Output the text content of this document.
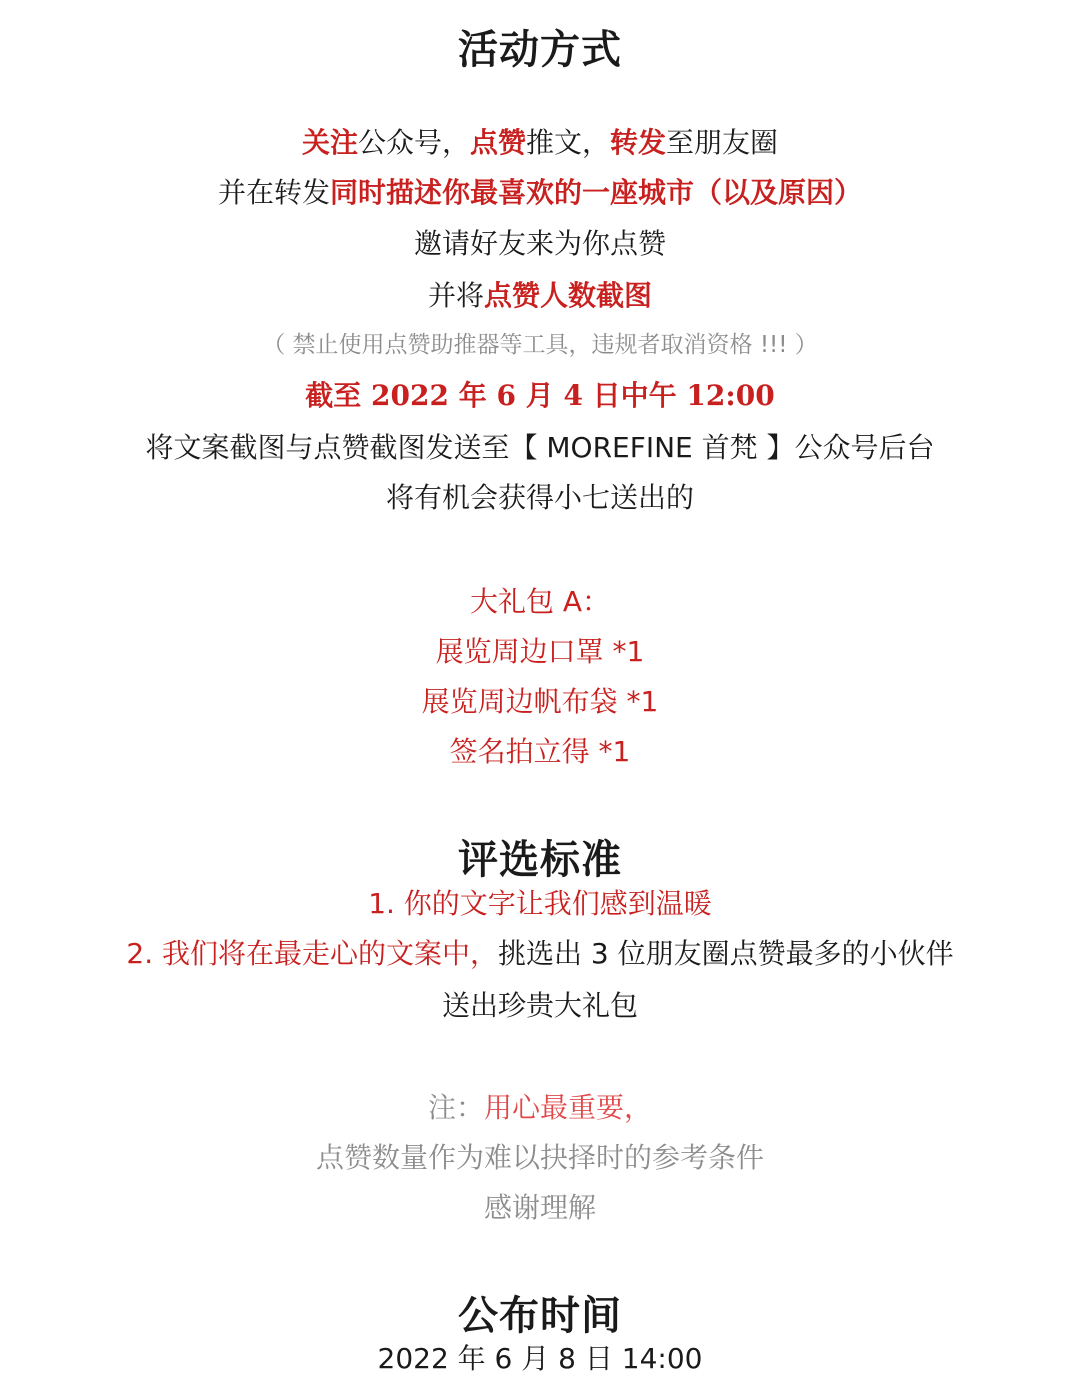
活动方式
关注公众号，点赞推文，转发至朋友圈
并在转发同时描述你最喜欢的一座城市（以及原因）
邀请好友来为你点赞
并将点赞人数截图
（ 禁止使用点赞助推器等工具，违规者取消资格 !!! ）
截至 2022 年 6 月 4 日中午 12:00
将文案截图与点赞截图发送至【 MOREFINE 首梵 】公众号后台
将有机会获得小七送出的
大礼包 A：
展览周边口罩 *1
展览周边帆布袋 *1
签名拍立得 *1
评选标准
1. 你的文字让我们感到温暖
2. 我们将在最走心的文案中，挑选出 3 位朋友圈点赞最多的小伙伴
送出珍贵大礼包
注：用心最重要，
点赞数量作为难以抉择时的参考条件
感谢理解
公布时间
2022 年 6 月 8 日 14:00
